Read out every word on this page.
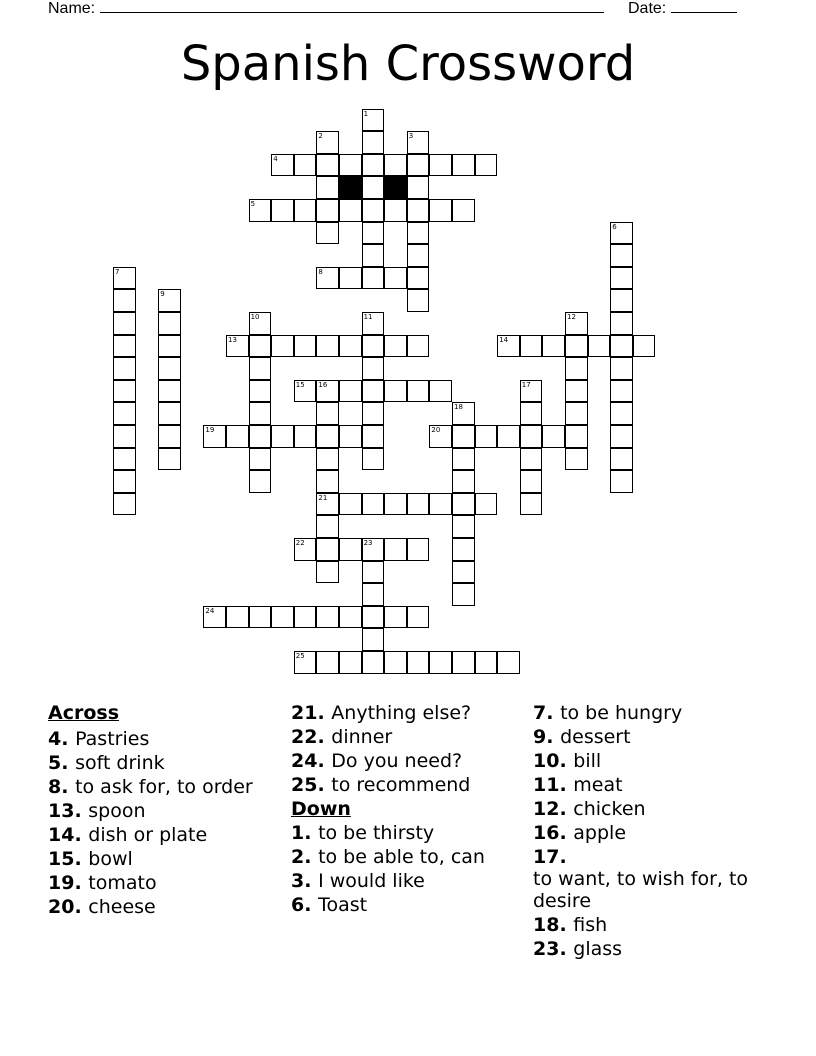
Name:	Date:
Spanish Crossword
4
5
8
13	14
15 16
19	20
21
22	23
24
25
1
2	3
6
7
9
10	11	12
17
18
Across
4. Pastries
5. soft drink
8. to ask for, to order
13. spoon
14. dish or plate
15. bowl
19. tomato
20. cheese
21. Anything else?
22. dinner
24. Do you need?
25. to recommend
Down
1. to be thirsty
2. to be able to, can
3. I would like
6. Toast
7. to be hungry
9. dessert
10. bill
11. meat
12. chicken
16. apple
17.
to want, to wish for, to desire
18. fish
23. glass
